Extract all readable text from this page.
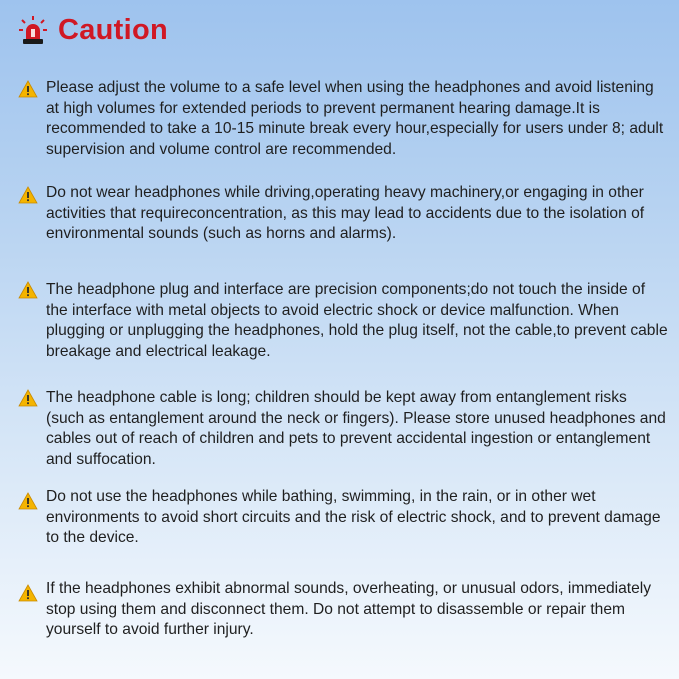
Caution
Please adjust the volume to a safe level when using the headphones and avoid listening at high volumes for extended periods to prevent permanent hearing damage.It is recommended to take a 10-15 minute break every hour,especially for users under 8; adult supervision and volume control are recommended.
Do not wear headphones while driving,operating heavy machinery,or engaging in other activities that requireconcentration, as this may lead to accidents due to the isolation of environmental sounds (such as horns and alarms).
The headphone plug and interface are precision components;do not touch the inside of the interface with metal objects to avoid electric shock or device malfunction. When plugging or unplugging the headphones, hold the plug itself, not the cable,to prevent cable breakage and electrical leakage.
The headphone cable is long; children should be kept away from entanglement risks (such as entanglement around the neck or fingers). Please store unused headphones and cables out of reach of children and pets to prevent accidental ingestion or entanglement and suffocation.
Do not use the headphones while bathing, swimming, in the rain, or in other wet environments to avoid short circuits and the risk of electric shock, and to prevent damage to the device.
If the headphones exhibit abnormal sounds, overheating, or unusual odors, immediately stop using them and disconnect them. Do not attempt to disassemble or repair them yourself to avoid further injury.
